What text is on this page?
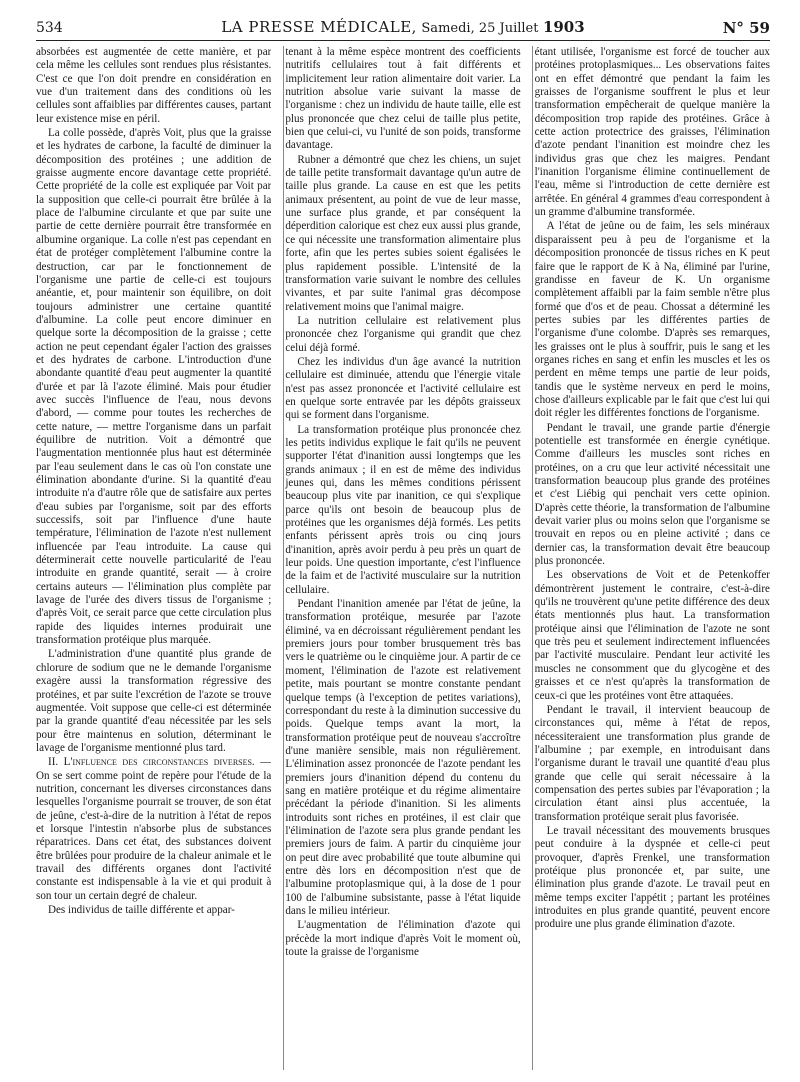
534	LA PRESSE MÉDICALE, Samedi, 25 Juillet 1903	N° 59

absorbées est augmentée de cette manière, et par cela même les cellules sont rendues plus résistantes. C'est ce que l'on doit prendre en considération en vue d'un traitement dans des conditions où les cellules sont affaiblies par différentes causes, partant leur existence mise en péril.

La colle possède, d'après Voit, plus que la graisse et les hydrates de carbone, la faculté de diminuer la décomposition des protéines ; une addition de graisse augmente encore davantage cette propriété. Cette propriété de la colle est expliquée par Voit par la supposition que celle-ci pourrait être brûlée à la place de l'albumine circulante et que par suite une partie de cette dernière pourrait être transformée en albumine organique. La colle n'est pas cependant en état de protéger complètement l'albumine contre la destruction, car par le fonctionnement de l'organisme une partie de celle-ci est toujours anéantie, et, pour maintenir son équilibre, on doit toujours administrer une certaine quantité d'albumine. La colle peut encore diminuer en quelque sorte la décomposition de la graisse ; cette action ne peut cependant égaler l'action des graisses et des hydrates de carbone. L'introduction d'une abondante quantité d'eau peut augmenter la quantité d'urée et par là l'azote éliminé. Mais pour étudier avec succès l'influence de l'eau, nous devons d'abord, — comme pour toutes les recherches de cette nature, — mettre l'organisme dans un parfait équilibre de nutrition. Voit a démontré que l'augmentation mentionnée plus haut est déterminée par l'eau seulement dans le cas où l'on constate une élimination abondante d'urine. Si la quantité d'eau introduite n'a d'autre rôle que de satisfaire aux pertes d'eau subies par l'organisme, soit par des efforts successifs, soit par l'influence d'une haute température, l'élimination de l'azote n'est nullement influencée par l'eau introduite. La cause qui déterminerait cette nouvelle particularité de l'eau introduite en grande quantité, serait — à croire certains auteurs — l'élimination plus complète par lavage de l'urée des divers tissus de l'organisme ; d'après Voit, ce serait parce que cette circulation plus rapide des liquides internes produirait une transformation protéique plus marquée.

L'administration d'une quantité plus grande de chlorure de sodium que ne le demande l'organisme exagère aussi la transformation régressive des protéines, et par suite l'excrétion de l'azote se trouve augmentée. Voit suppose que celle-ci est déterminée par la grande quantité d'eau nécessitée par les sels pour être maintenus en solution, déterminant le lavage de l'organisme mentionné plus tard.

II. L'influence des circonstances diverses. — On se sert comme point de repère pour l'étude de la nutrition, concernant les diverses circonstances dans lesquelles l'organisme pourrait se trouver, de son état de jeûne, c'est-à-dire de la nutrition à l'état de repos et lorsque l'intestin n'absorbe plus de substances réparatrices. Dans cet état, des substances doivent être brûlées pour produire de la chaleur animale et le travail des différents organes dont l'activité constante est indispensable à la vie et qui produit à son tour un certain degré de chaleur.

Des individus de taille différente et appar-

tenant à la même espèce montrent des coefficients nutritifs cellulaires tout à fait différents et implicitement leur ration alimentaire doit varier. La nutrition absolue varie suivant la masse de l'organisme : chez un individu de haute taille, elle est plus prononcée que chez celui de taille plus petite, bien que celui-ci, vu l'unité de son poids, transforme davantage.

Rubner a démontré que chez les chiens, un sujet de taille petite transformait davantage qu'un autre de taille plus grande. La cause en est que les petits animaux présentent, au point de vue de leur masse, une surface plus grande, et par conséquent la déperdition calorique est chez eux aussi plus grande, ce qui nécessite une transformation alimentaire plus forte, afin que les pertes subies soient égalisées le plus rapidement possible. L'intensité de la transformation varie suivant le nombre des cellules vivantes, et par suite l'animal gras décompose relativement moins que l'animal maigre.

La nutrition cellulaire est relativement plus prononcée chez l'organisme qui grandit que chez celui déjà formé.

Chez les individus d'un âge avancé la nutrition cellulaire est diminuée, attendu que l'énergie vitale n'est pas assez prononcée et l'activité cellulaire est en quelque sorte entravée par les dépôts graisseux qui se forment dans l'organisme.

La transformation protéique plus prononcée chez les petits individus explique le fait qu'ils ne peuvent supporter l'état d'inanition aussi longtemps que les grands animaux ; il en est de même des individus jeunes qui, dans les mêmes conditions périssent beaucoup plus vite par inanition, ce qui s'explique parce qu'ils ont besoin de beaucoup plus de protéines que les organismes déjà formés. Les petits enfants périssent après trois ou cinq jours d'inanition, après avoir perdu à peu près un quart de leur poids. Une question importante, c'est l'influence de la faim et de l'activité musculaire sur la nutrition cellulaire.

Pendant l'inanition amenée par l'état de jeûne, la transformation protéique, mesurée par l'azote éliminé, va en décroissant régulièrement pendant les premiers jours pour tomber brusquement très bas vers le quatrième ou le cinquième jour. A partir de ce moment, l'élimination de l'azote est relativement petite, mais pourtant se montre constante pendant quelque temps (à l'exception de petites variations), correspondant du reste à la diminution successive du poids. Quelque temps avant la mort, la transformation protéique peut de nouveau s'accroître d'une manière sensible, mais non régulièrement. L'élimination assez prononcée de l'azote pendant les premiers jours d'inanition dépend du contenu du sang en matière protéique et du régime alimentaire précédant la période d'inanition. Si les aliments introduits sont riches en protéines, il est clair que l'élimination de l'azote sera plus grande pendant les premiers jours de faim. A partir du cinquième jour on peut dire avec probabilité que toute albumine qui entre dès lors en décomposition n'est que de l'albumine protoplasmique qui, à la dose de 1 pour 100 de l'albumine subsistante, passe à l'état liquide dans le milieu intérieur.

L'augmentation de l'élimination d'azote qui précède la mort indique d'après Voit le moment où, toute la graisse de l'organisme

étant utilisée, l'organisme est forcé de toucher aux protéines protoplasmiques... Les observations faites ont en effet démontré que pendant la faim les graisses de l'organisme souffrent le plus et leur transformation empêcherait de quelque manière la décomposition trop rapide des protéines. Grâce à cette action protectrice des graisses, l'élimination d'azote pendant l'inanition est moindre chez les individus gras que chez les maigres. Pendant l'inanition l'organisme élimine continuellement de l'eau, même si l'introduction de cette dernière est arrêtée. En général 4 grammes d'eau correspondent à un gramme d'albumine transformée.

A l'état de jeûne ou de faim, les sels minéraux disparaissent peu à peu de l'organisme et la décomposition prononcée de tissus riches en K peut faire que le rapport de K à Na, éliminé par l'urine, grandisse en faveur de K. Un organisme complètement affaibli par la faim semble n'être plus formé que d'os et de peau. Chossat a déterminé les pertes subies par les différentes parties de l'organisme d'une colombe. D'après ses remarques, les graisses ont le plus à souffrir, puis le sang et les organes riches en sang et enfin les muscles et les os perdent en même temps une partie de leur poids, tandis que le système nerveux en perd le moins, chose d'ailleurs explicable par le fait que c'est lui qui doit régler les différentes fonctions de l'organisme.

Pendant le travail, une grande partie d'énergie potentielle est transformée en énergie cynétique. Comme d'ailleurs les muscles sont riches en protéines, on a cru que leur activité nécessitait une transformation beaucoup plus grande des protéines et c'est Liébig qui penchait vers cette opinion. D'après cette théorie, la transformation de l'albumine devait varier plus ou moins selon que l'organisme se trouvait en repos ou en pleine activité ; dans ce dernier cas, la transformation devait être beaucoup plus prononcée.

Les observations de Voit et de Petenkoffer démontrèrent justement le contraire, c'est-à-dire qu'ils ne trouvèrent qu'une petite différence des deux états mentionnés plus haut. La transformation protéique ainsi que l'élimination de l'azote ne sont que très peu et seulement indirectement influencées par l'activité musculaire. Pendant leur activité les muscles ne consomment que du glycogène et des graisses et ce n'est qu'après la transformation de ceux-ci que les protéines vont être attaquées.

Pendant le travail, il intervient beaucoup de circonstances qui, même à l'état de repos, nécessiteraient une transformation plus grande de l'albumine ; par exemple, en introduisant dans l'organisme durant le travail une quantité d'eau plus grande que celle qui serait nécessaire à la compensation des pertes subies par l'évaporation ; la circulation étant ainsi plus accentuée, la transformation protéique serait plus favorisée.

Le travail nécessitant des mouvements brusques peut conduire à la dyspnée et celle-ci peut provoquer, d'après Frenkel, une transformation protéique plus prononcée et, par suite, une élimination plus grande d'azote. Le travail peut en même temps exciter l'appétit ; partant les protéines introduites en plus grande quantité, peuvent encore produire une plus grande élimination d'azote.
